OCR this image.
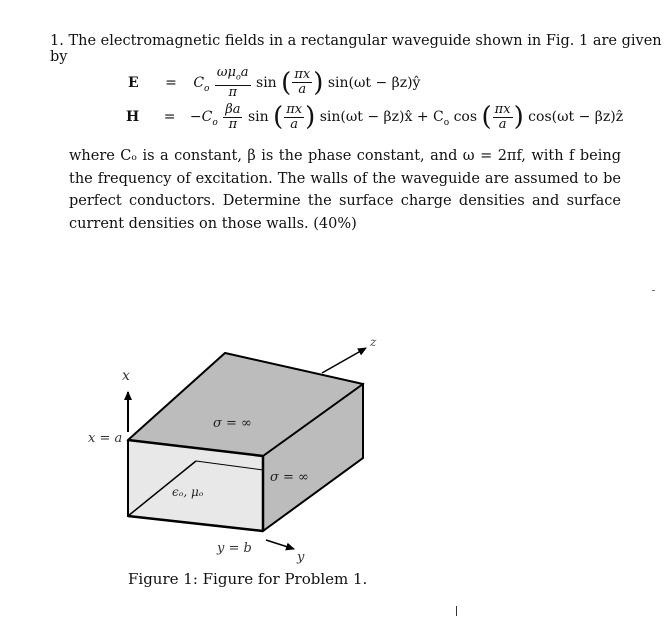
1. The electromagnetic fields in a rectangular waveguide shown in Fig. 1 are given by
$E = C_o \frac{\omega\mu_oa}{\pi}$ sin ( $\frac{\pi x}{a}$ ) sin(ωt − βz)ŷ
$H = -C_o \frac{\beta a}{\pi}$ sin ( $\frac{\pi x}{a}$ ) sin(ωt − βz)x̂ + $C_o$ cos ( $\frac{\pi x}{a}$ ) cos(ωt − βz)ẑ
where Cₒ is a constant, β is the phase constant, and ω = 2πf, with f being the frequency of excitation. The walls of the waveguide are assumed to be perfect conductors. Determine the surface charge densities and surface current densities on those walls. (40%)
x
x = a
z
σ = ∞
σ = ∞
ϵₒ, μₒ
y = b
y
Figure 1: Figure for Problem 1.
